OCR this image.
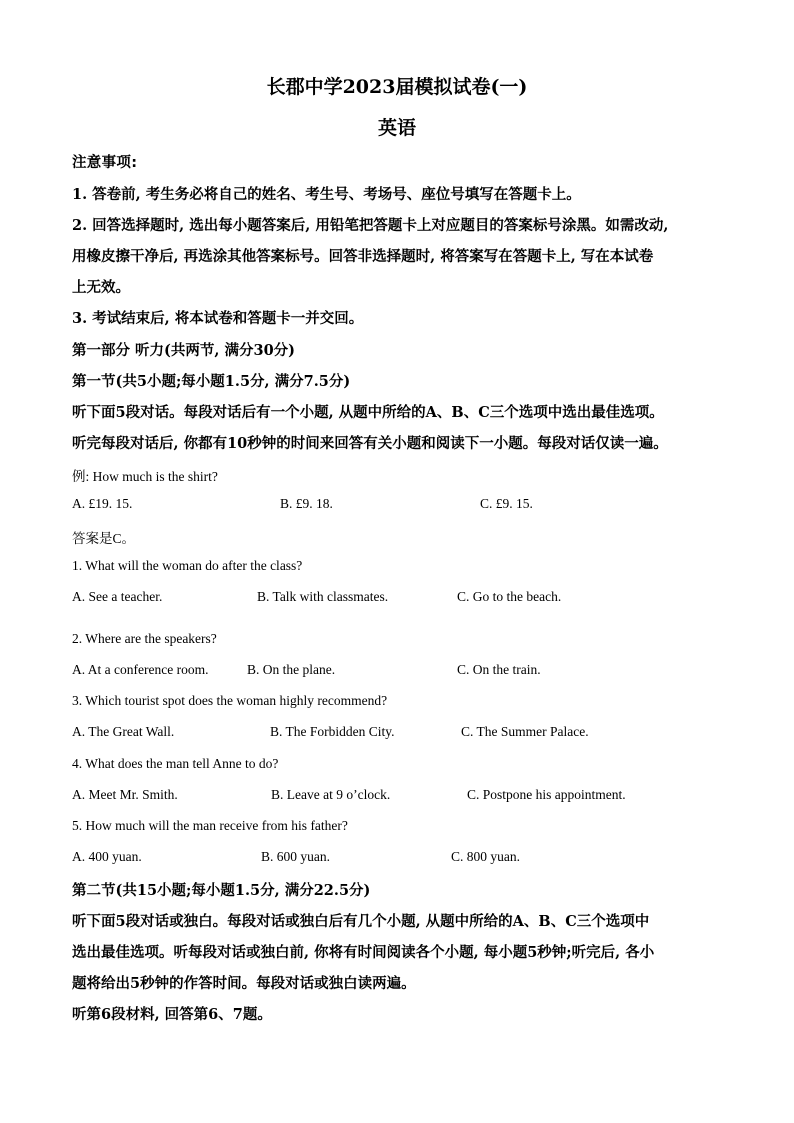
长郡中学2023届模拟试卷(一)
英语
注意事项:
1. 答卷前, 考生务必将自己的姓名、考生号、考场号、座位号填写在答题卡上。
2. 回答选择题时, 选出每小题答案后, 用铅笔把答题卡上对应题目的答案标号涂黑。如需改动,
用橡皮擦干净后, 再选涂其他答案标号。回答非选择题时, 将答案写在答题卡上, 写在本试卷
上无效。
3. 考试结束后, 将本试卷和答题卡一并交回。
第一部分 听力(共两节, 满分30分)
第一节(共5小题;每小题1.5分, 满分7.5分)
听下面5段对话。每段对话后有一个小题, 从题中所给的A、B、C三个选项中选出最佳选项。
听完每段对话后, 你都有10秒钟的时间来回答有关小题和阅读下一小题。每段对话仅读一遍。
例: How much is the shirt?
A. £19. 15.	B. £9. 18.	C. £9. 15.
答案是C。
1. What will the woman do after the class?
A. See a teacher.	B. Talk with classmates.	C. Go to the beach.
2. Where are the speakers?
A. At a conference room.	B. On the plane.	C. On the train.
3. Which tourist spot does the woman highly recommend?
A. The Great Wall.	B. The Forbidden City.	C. The Summer Palace.
4. What does the man tell Anne to do?
A. Meet Mr. Smith.	B. Leave at 9 o’clock.	C. Postpone his appointment.
5. How much will the man receive from his father?
A. 400 yuan.	B. 600 yuan.	C. 800 yuan.
第二节(共15小题;每小题1.5分, 满分22.5分)
听下面5段对话或独白。每段对话或独白后有几个小题, 从题中所给的A、B、C三个选项中
选出最佳选项。听每段对话或独白前, 你将有时间阅读各个小题, 每小题5秒钟;听完后, 各小
题将给出5秒钟的作答时间。每段对话或独白读两遍。
听第6段材料, 回答第6、7题。
